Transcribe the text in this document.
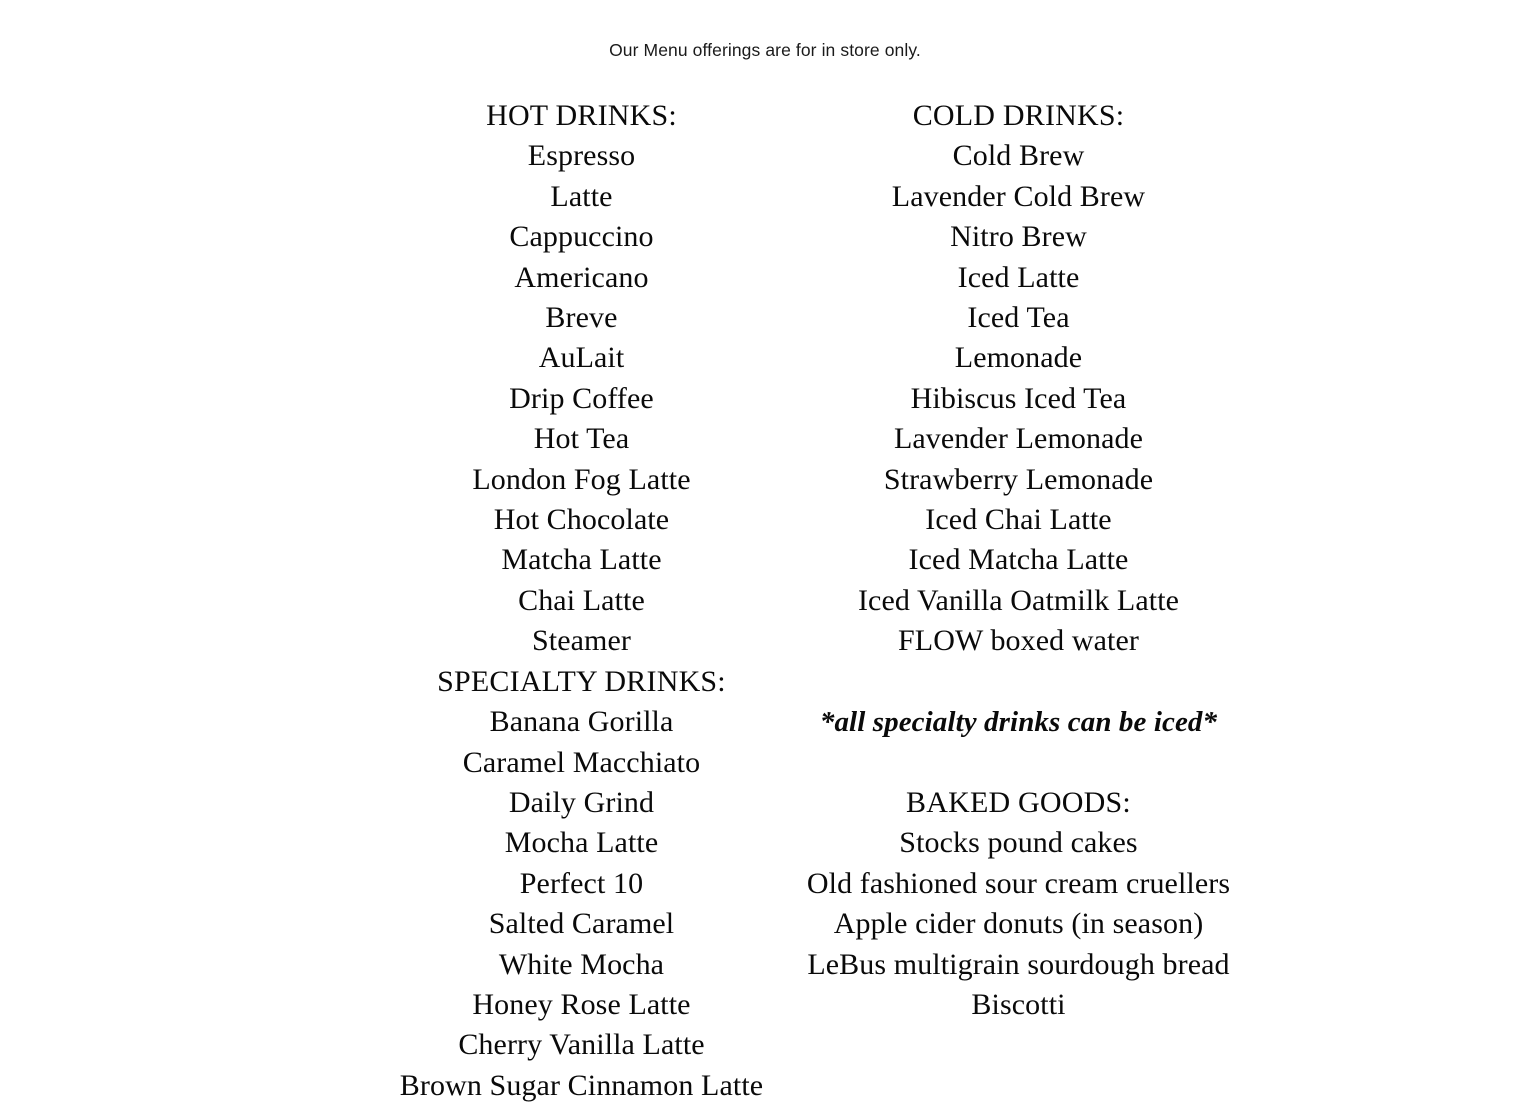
Our Menu offerings are for in store only.
HOT DRINKS:
Espresso
Latte
Cappuccino
Americano
Breve
AuLait
Drip Coffee
Hot Tea
London Fog Latte
Hot Chocolate
Matcha Latte
Chai Latte
Steamer
SPECIALTY DRINKS:
Banana Gorilla
Caramel Macchiato
Daily Grind
Mocha Latte
Perfect 10
Salted Caramel
White Mocha
Honey Rose Latte
Cherry Vanilla Latte
Brown Sugar Cinnamon Latte
COLD DRINKS:
Cold Brew
Lavender Cold Brew
Nitro Brew
Iced Latte
Iced Tea
Lemonade
Hibiscus Iced Tea
Lavender Lemonade
Strawberry Lemonade
Iced Chai Latte
Iced Matcha Latte
Iced Vanilla Oatmilk Latte
FLOW boxed water
*all specialty drinks can be iced*
BAKED GOODS:
Stocks pound cakes
Old fashioned sour cream cruellers
Apple cider donuts (in season)
LeBus multigrain sourdough bread
Biscotti
